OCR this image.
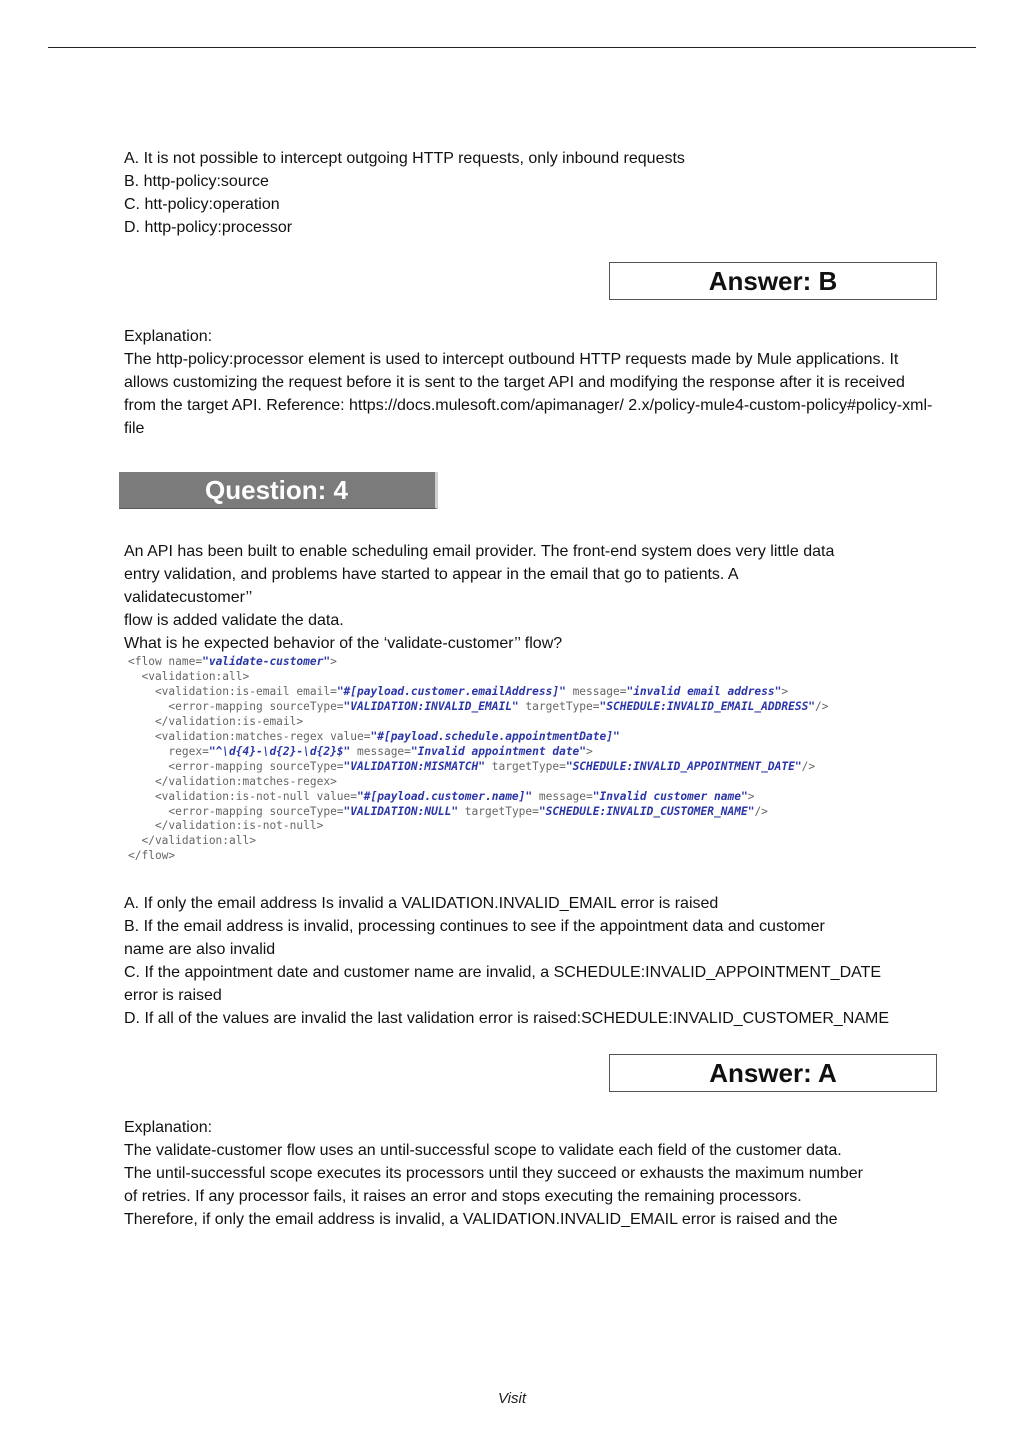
A. It is not possible to intercept outgoing HTTP requests, only inbound requests
B. http-policy:source
C. htt-policy:operation
D. http-policy:processor
Answer: B
Explanation:
The http-policy:processor element is used to intercept outbound HTTP requests made by Mule applications. It allows customizing the request before it is sent to the target API and modifying the response after it is received from the target API. Reference: https://docs.mulesoft.com/apimanager/ 2.x/policy-mule4-custom-policy#policy-xml-file
Question: 4
An API has been built to enable scheduling email provider. The front-end system does very little data
entry validation, and problems have started to appear in the email that go to patients. A
validatecustomer’’
flow is added validate the data.
What is he expected behavior of the ‘validate-customer’’ flow?
<flow name="validate-customer">
<validation:all>
<validation:is-email email="#[payload.customer.emailAddress]" message="invalid email address">
<error-mapping sourceType="VALIDATION:INVALID_EMAIL" targetType="SCHEDULE:INVALID_EMAIL_ADDRESS"/>
</validation:is-email>
<validation:matches-regex value="#[payload.schedule.appointmentDate]"
regex="^\d{4}-\d{2}-\d{2}$" message="Invalid appointment date">
<error-mapping sourceType="VALIDATION:MISMATCH" targetType="SCHEDULE:INVALID_APPOINTMENT_DATE"/>
</validation:matches-regex>
<validation:is-not-null value="#[payload.customer.name]" message="Invalid customer name">
<error-mapping sourceType="VALIDATION:NULL" targetType="SCHEDULE:INVALID_CUSTOMER_NAME"/>
</validation:is-not-null>
</validation:all>
</flow>
A. If only the email address Is invalid a VALIDATION.INVALID_EMAIL error is raised
B. If the email address is invalid, processing continues to see if the appointment data and customer
name are also invalid
C. If the appointment date and customer name are invalid, a SCHEDULE:INVALID_APPOINTMENT_DATE
error is raised
D. If all of the values are invalid the last validation error is raised:SCHEDULE:INVALID_CUSTOMER_NAME
Answer: A
Explanation:
The validate-customer flow uses an until-successful scope to validate each field of the customer data.
The until-successful scope executes its processors until they succeed or exhausts the maximum number
of retries. If any processor fails, it raises an error and stops executing the remaining processors.
Therefore, if only the email address is invalid, a VALIDATION.INVALID_EMAIL error is raised and the
Visit
